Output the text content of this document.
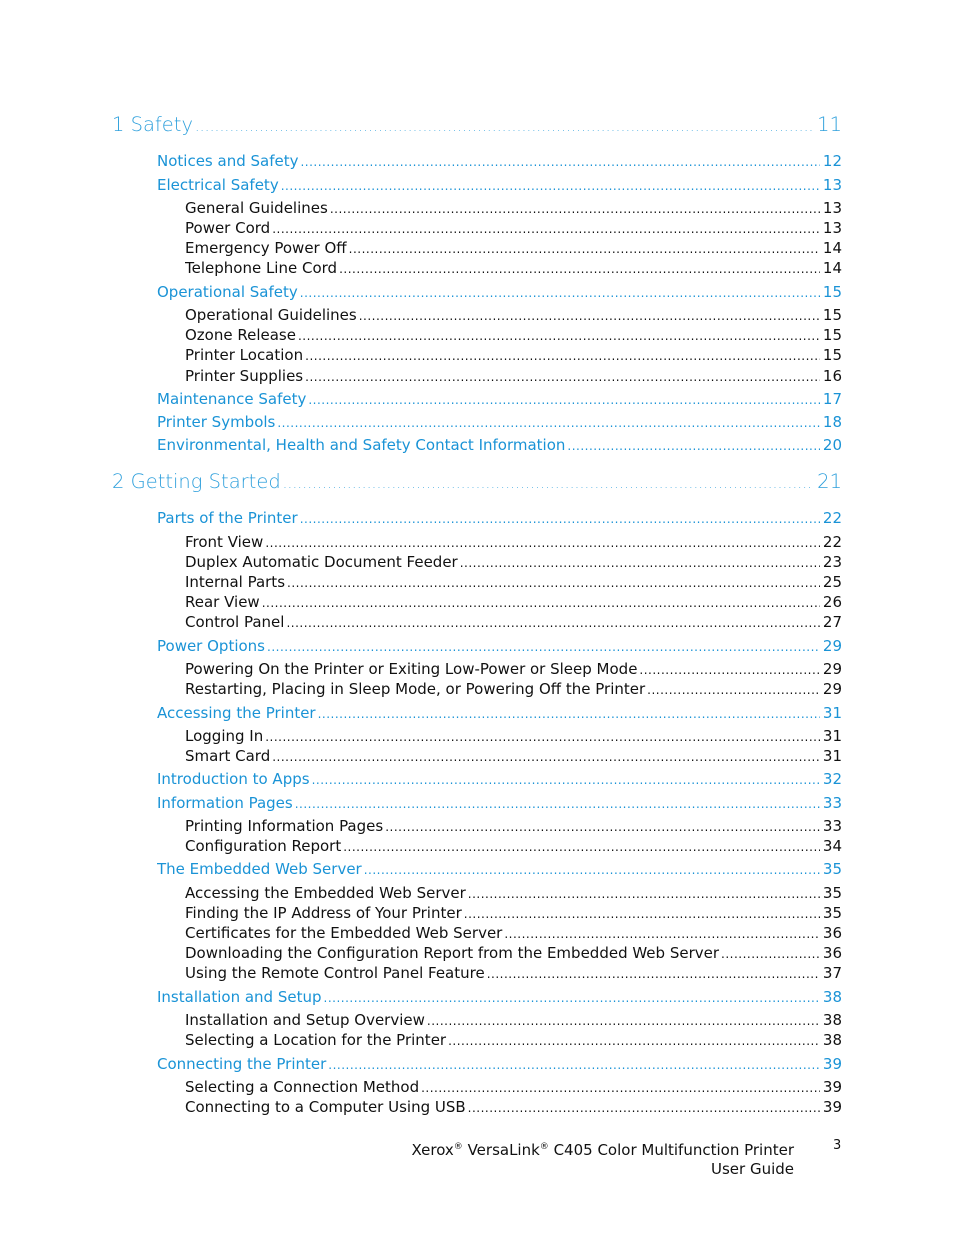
1 Safety .....	11
Notices and Safety .....	12
Electrical Safety .....	13
General Guidelines .....	13
Power Cord .....	13
Emergency Power Off .....	14
Telephone Line Cord .....	14
Operational Safety .....	15
Operational Guidelines .....	15
Ozone Release .....	15
Printer Location .....	15
Printer Supplies .....	16
Maintenance Safety .....	17
Printer Symbols .....	18
Environmental, Health and Safety Contact Information .....	20
2 Getting Started .....	21
Parts of the Printer .....	22
Front View .....	22
Duplex Automatic Document Feeder .....	23
Internal Parts .....	25
Rear View .....	26
Control Panel .....	27
Power Options .....	29
Powering On the Printer or Exiting Low-Power or Sleep Mode .....	29
Restarting, Placing in Sleep Mode, or Powering Off the Printer .....	29
Accessing the Printer .....	31
Logging In .....	31
Smart Card .....	31
Introduction to Apps .....	32
Information Pages .....	33
Printing Information Pages .....	33
Configuration Report .....	34
The Embedded Web Server .....	35
Accessing the Embedded Web Server .....	35
Finding the IP Address of Your Printer .....	35
Certificates for the Embedded Web Server .....	36
Downloading the Configuration Report from the Embedded Web Server .....	36
Using the Remote Control Panel Feature .....	37
Installation and Setup .....	38
Installation and Setup Overview .....	38
Selecting a Location for the Printer .....	38
Connecting the Printer .....	39
Selecting a Connection Method .....	39
Connecting to a Computer Using USB .....	39
Xerox® VersaLink® C405 Color Multifunction Printer
User Guide
3
